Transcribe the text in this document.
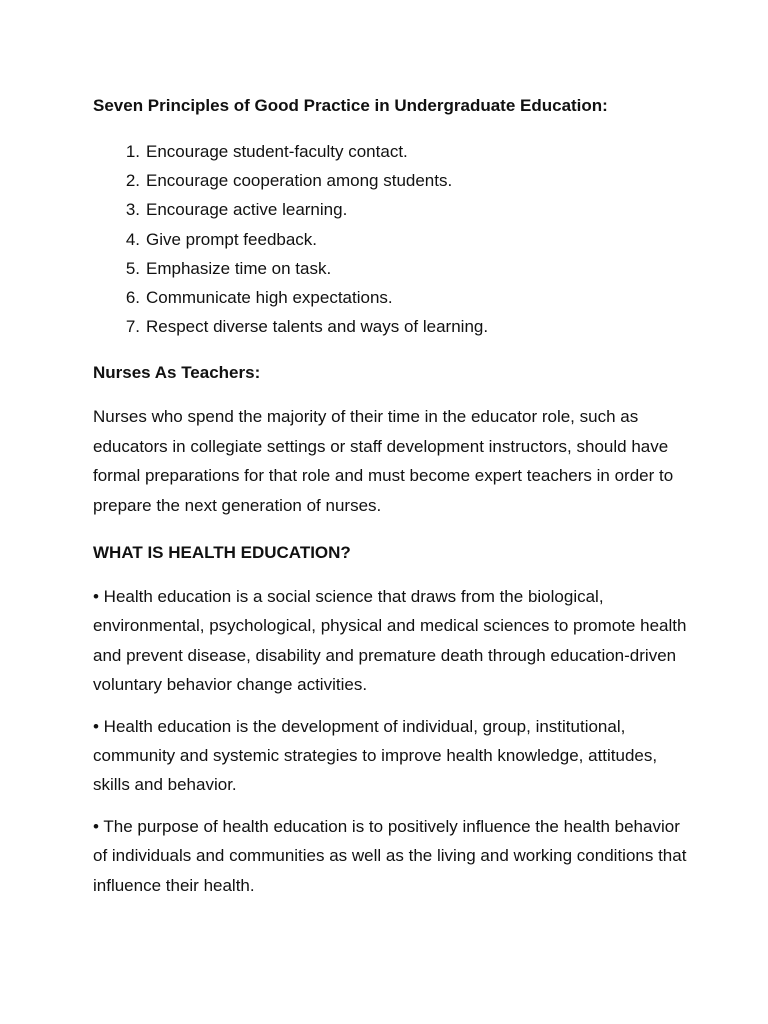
Seven Principles of Good Practice in Undergraduate Education:

1. Encourage student-faculty contact.
2. Encourage cooperation among students.
3. Encourage active learning.
4. Give prompt feedback.
5. Emphasize time on task.
6. Communicate high expectations.
7. Respect diverse talents and ways of learning.

Nurses As Teachers:

Nurses who spend the majority of their time in the educator role, such as educators in collegiate settings or staff development instructors, should have formal preparations for that role and must become expert teachers in order to prepare the next generation of nurses.

WHAT IS HEALTH EDUCATION?

• Health education is a social science that draws from the biological, environmental, psychological, physical and medical sciences to promote health and prevent disease, disability and premature death through education-driven voluntary behavior change activities.

• Health education is the development of individual, group, institutional, community and systemic strategies to improve health knowledge, attitudes, skills and behavior.

• The purpose of health education is to positively influence the health behavior of individuals and communities as well as the living and working conditions that influence their health.
